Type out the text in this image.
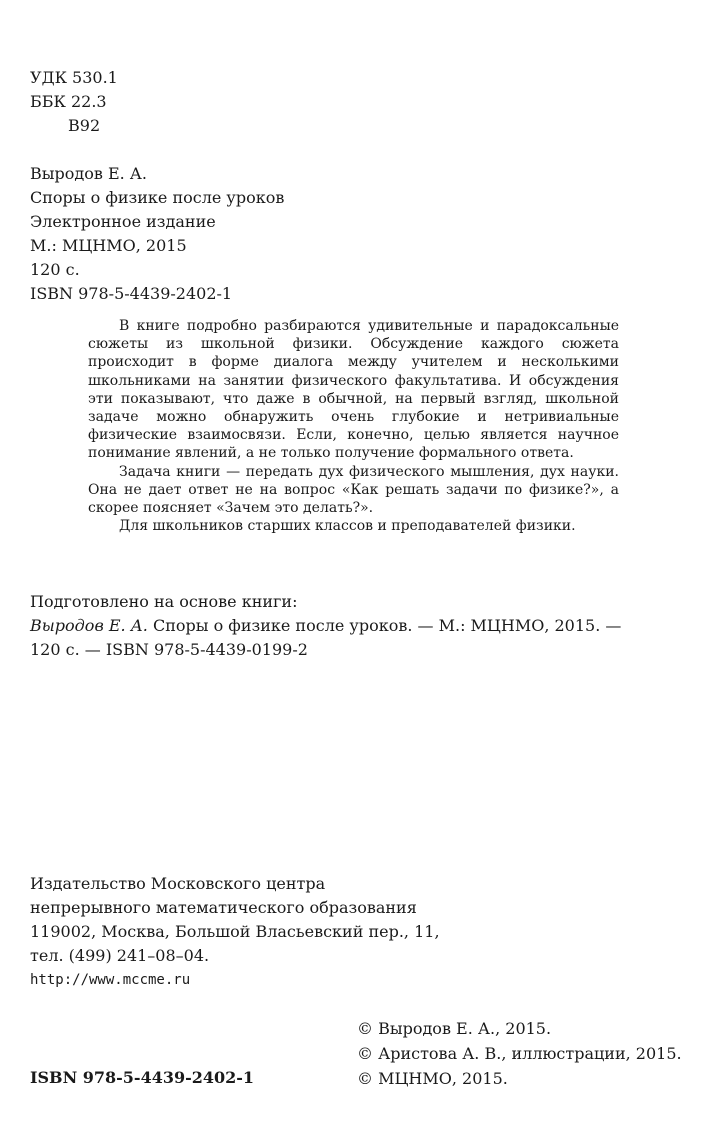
УДК 530.1
ББК 22.3
В92
Выродов Е. А.
Споры о физике после уроков
Электронное издание
М.: МЦНМО, 2015
120 с.
ISBN 978-5-4439-2402-1

В книге подробно разбираются удивительные и парадоксальные сюжеты из школьной физики. Обсуждение каждого сюжета происходит в форме диалога между учителем и несколькими школьниками на занятии физического факультатива. И обсуждения эти показывают, что даже в обычной, на первый взгляд, школьной задаче можно обнаружить очень глубокие и нетривиальные физические взаимосвязи. Если, конечно, целью является научное понимание явлений, а не только получение формального ответа.

Задача книги — передать дух физического мышления, дух науки. Она не дает ответ не на вопрос «Как решать задачи по физике?», а скорее поясняет «Зачем это делать?».

Для школьников старших классов и преподавателей физики.

Подготовлено на основе книги:
Выродов Е. А. Споры о физике после уроков. — М.: МЦНМО, 2015. —
120 с. — ISBN 978-5-4439-0199-2
Издательство Московского центра
непрерывного математического образования
119002, Москва, Большой Власьевский пер., 11,
тел. (499) 241–08–04.
http://www.mccme.ru
© Выродов Е. А., 2015.
© Аристова А. В., иллюстрации, 2015.
© МЦНМО, 2015.
ISBN 978-5-4439-2402-1
